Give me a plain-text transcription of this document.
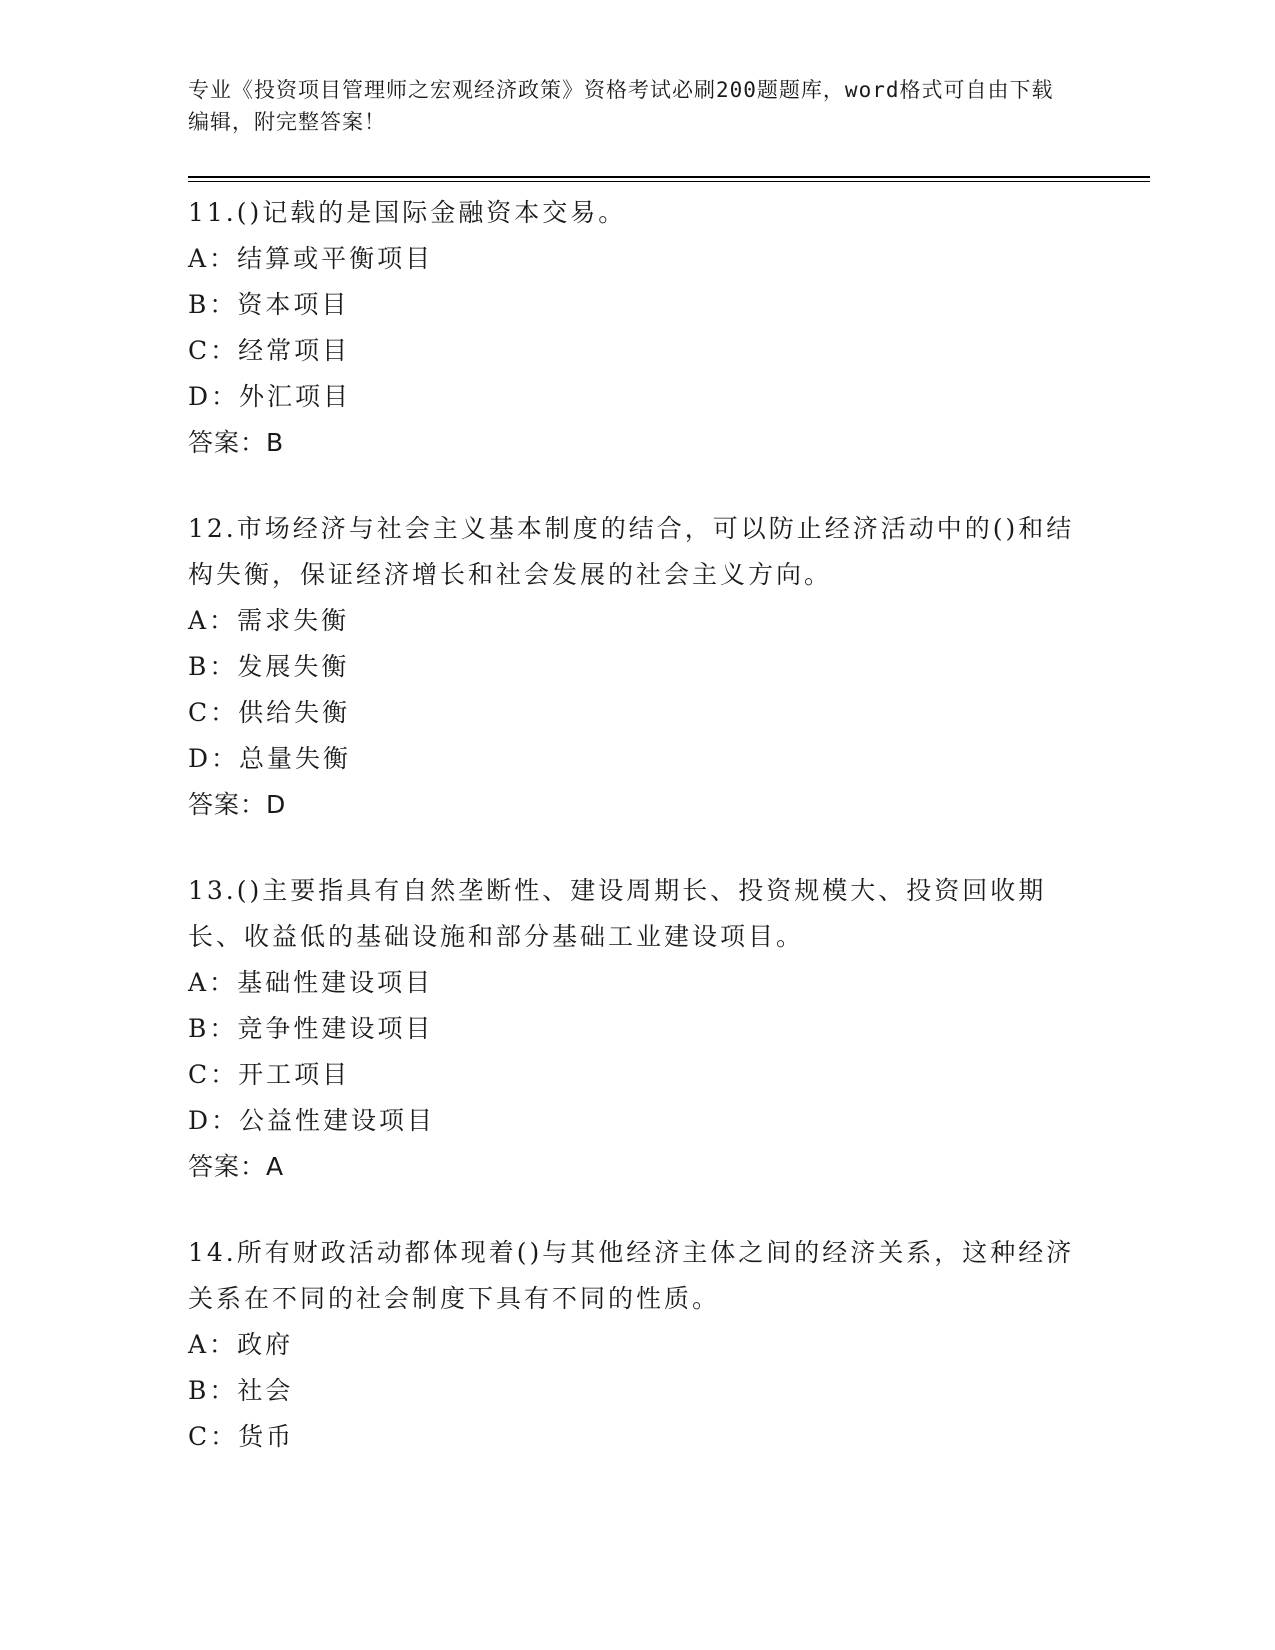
专业《投资项目管理师之宏观经济政策》资格考试必刷200题题库，word格式可自由下载编辑，附完整答案！

11.()记载的是国际金融资本交易。

A：结算或平衡项目
B：资本项目
C：经常项目
D：外汇项目

答案：B

12.市场经济与社会主义基本制度的结合，可以防止经济活动中的()和结构失衡，保证经济增长和社会发展的社会主义方向。

A：需求失衡
B：发展失衡
C：供给失衡
D：总量失衡

答案：D

13.()主要指具有自然垄断性、建设周期长、投资规模大、投资回收期长、收益低的基础设施和部分基础工业建设项目。

A：基础性建设项目
B：竞争性建设项目
C：开工项目
D：公益性建设项目

答案：A

14.所有财政活动都体现着()与其他经济主体之间的经济关系，这种经济关系在不同的社会制度下具有不同的性质。

A：政府
B：社会
C：货币
